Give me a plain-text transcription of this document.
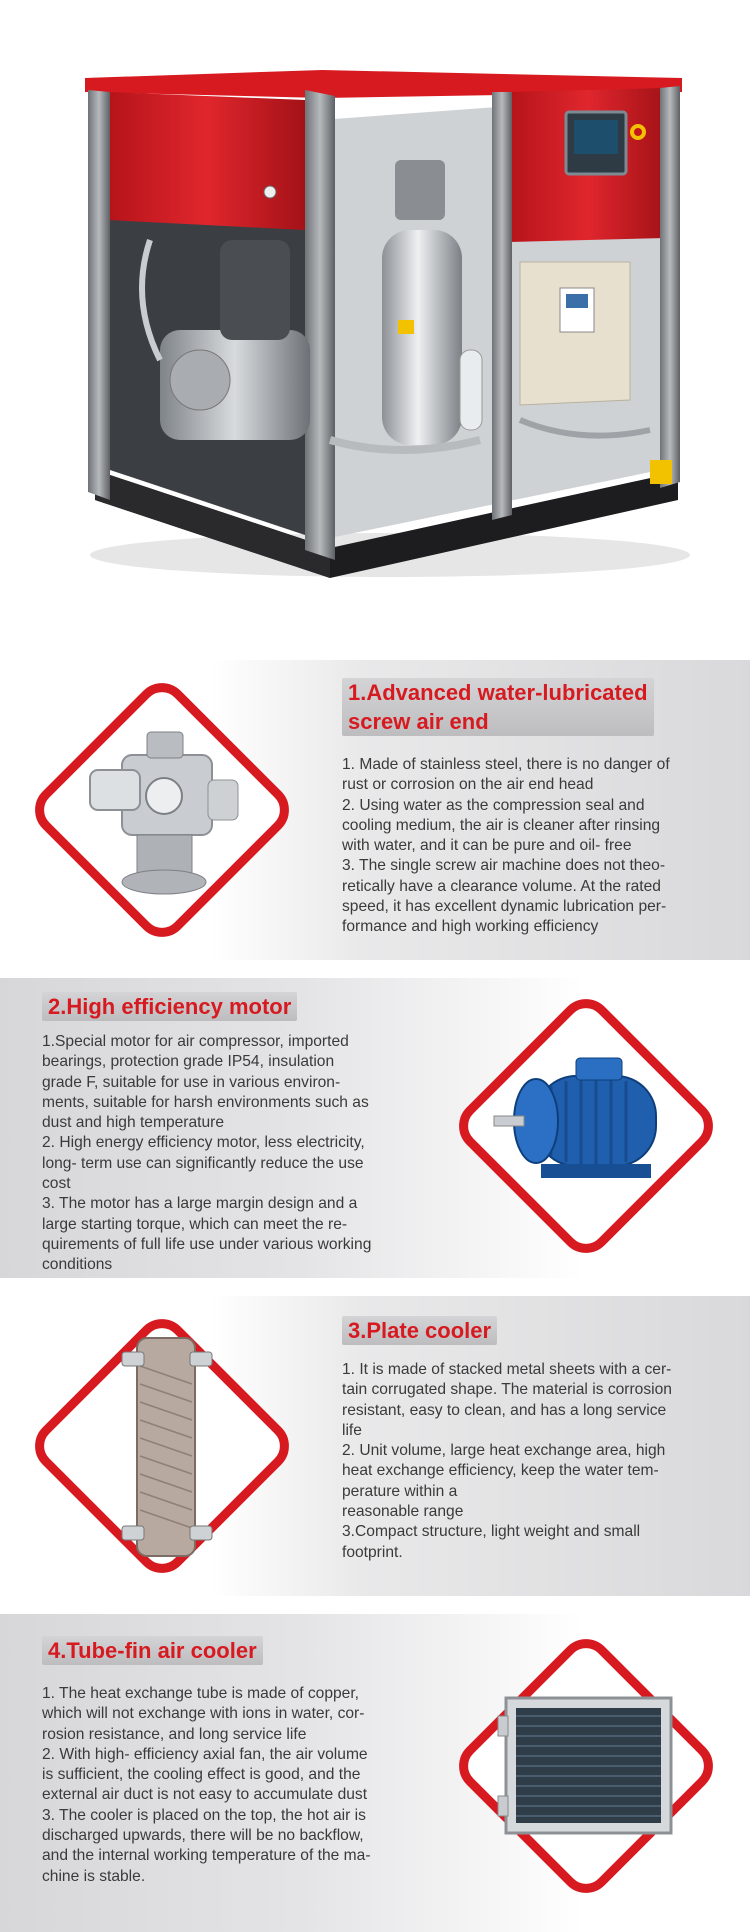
1.Advanced water-lubricated
screw air end
1. Made of stainless steel, there is no danger of
rust or corrosion on the air end head
2. Using water as the compression seal and
cooling medium, the air is cleaner after rinsing
with water, and it can be pure and oil- free
3. The single screw air machine does not theo-
retically have a clearance volume. At the rated
speed, it has excellent dynamic lubrication per-
formance and high working efficiency
2.High efficiency motor
1.Special motor for air compressor, imported
bearings, protection grade IP54, insulation
grade F, suitable for use in various environ-
ments, suitable for harsh environments such as
dust and high temperature
2. High energy efficiency motor, less electricity,
long- term use can significantly reduce the use
cost
3. The motor has a large margin design and a
large starting torque, which can meet the re-
quirements of full life use under various working
conditions
3.Plate cooler
1. It is made of stacked metal sheets with a cer-
tain corrugated shape. The material is corrosion
resistant, easy to clean, and has a long service
life
2. Unit volume, large heat exchange area, high
heat exchange efficiency, keep the water tem-
perature within a
reasonable range
3.Compact structure, light weight and small
footprint.
4.Tube-fin air cooler
1. The heat exchange tube is made of copper,
which will not exchange with ions in water, cor-
rosion resistance, and long service life
2. With high- efficiency axial fan, the air volume
is sufficient, the cooling effect is good, and the
external air duct is not easy to accumulate dust
3. The cooler is placed on the top, the hot air is
discharged upwards, there will be no backflow,
and the internal working temperature of the ma-
chine is stable.
